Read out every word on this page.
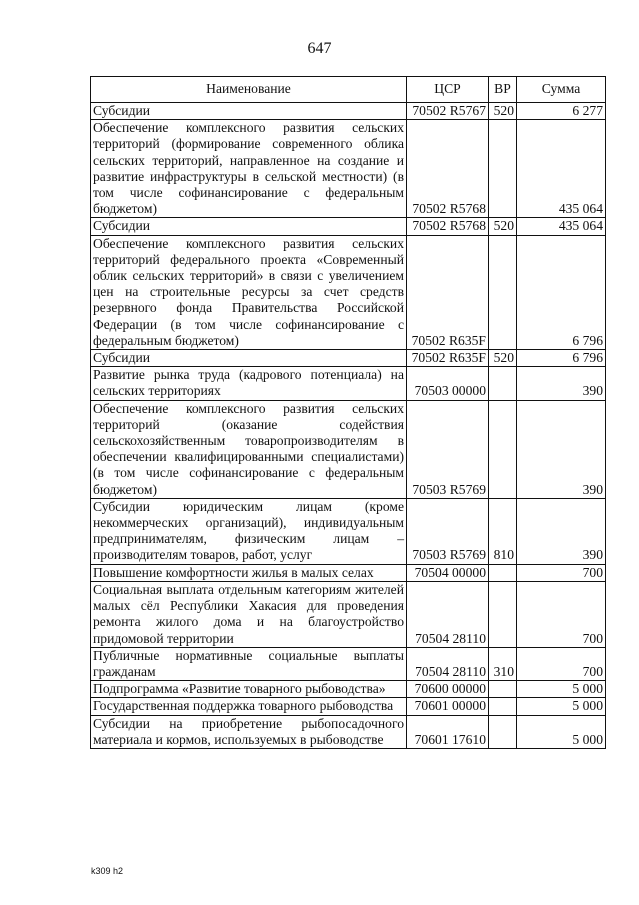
647
Наименование	ЦСР	ВР	Сумма
Субсидии	70502 R5767	520	6 277
Обеспечение комплексного развития сельских территорий (формирование современного облика сельских территорий, направленное на создание и развитие инфраструктуры в сельской местности) (в том числе софинансирование с федеральным бюджетом)	70502 R5768		435 064
Субсидии	70502 R5768	520	435 064
Обеспечение комплексного развития сельских территорий федерального проекта «Современный облик сельских территорий» в связи с увеличением цен на строительные ресурсы за счет средств резервного фонда Правительства Российской Федерации (в том числе софинансирование с федеральным бюджетом)	70502 R635F		6 796
Субсидии	70502 R635F	520	6 796
Развитие рынка труда (кадрового потенциала) на сельских территориях	70503 00000		390
Обеспечение комплексного развития сельских территорий (оказание содействия сельскохозяйственным товаропроизводителям в обеспечении квалифицированными специалистами) (в том числе софинансирование с федеральным бюджетом)	70503 R5769		390
Субсидии юридическим лицам (кроме некоммерческих организаций), индивидуальным предпринимателям, физическим лицам – производителям товаров, работ, услуг	70503 R5769	810	390
Повышение комфортности жилья в малых селах	70504 00000		700
Социальная выплата отдельным категориям жителей малых сёл Республики Хакасия для проведения ремонта жилого дома и на благоустройство придомовой территории	70504 28110		700
Публичные нормативные социальные выплаты гражданам	70504 28110	310	700
Подпрограмма «Развитие товарного рыбоводства»	70600 00000		5 000
Государственная поддержка товарного рыбоводства	70601 00000		5 000
Субсидии на приобретение рыбопосадочного материала и кормов, используемых в рыбоводстве	70601 17610		5 000
k309 h2
